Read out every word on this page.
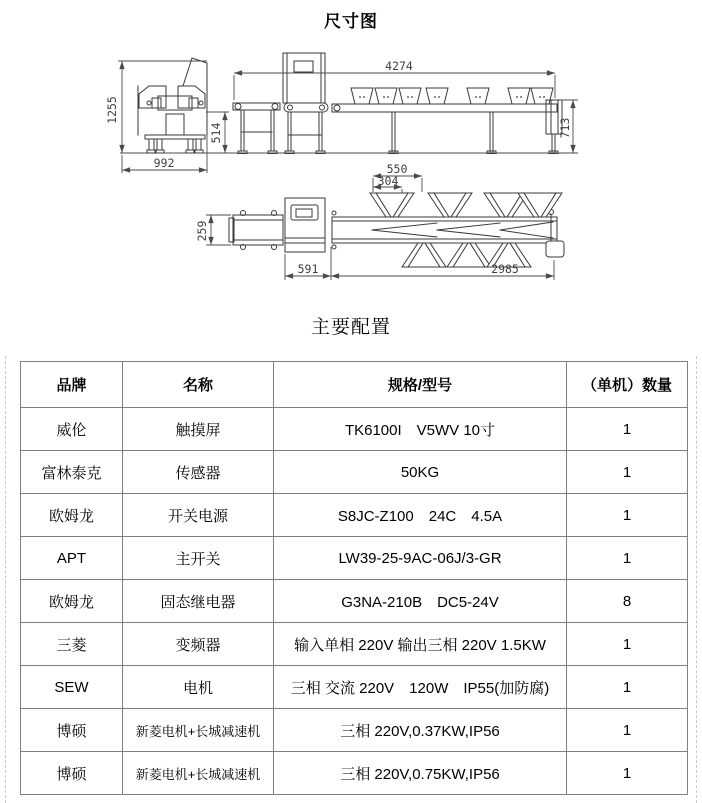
尺寸图
1255
992
514
4274
713
550
304
259
591	2985
主要配置
品牌	名称	规格/型号	（单机）数量
威伦	触摸屏	TK6100I　V5WV 10寸	1
富林泰克	传感器	50KG	1
欧姆龙	开关电源	S8JC-Z100　24C　4.5A	1
APT	主开关	LW39-25-9AC-06J/3-GR	1
欧姆龙	固态继电器	G3NA-210B　DC5-24V	8
三菱	变频器	输入单相 220V 输出三相 220V 1.5KW	1
SEW	电机	三相 交流 220V　120W　IP55(加防腐)	1
博硕	新菱电机+长城减速机	三相 220V,0.37KW,IP56	1
博硕	新菱电机+长城减速机	三相 220V,0.75KW,IP56	1
